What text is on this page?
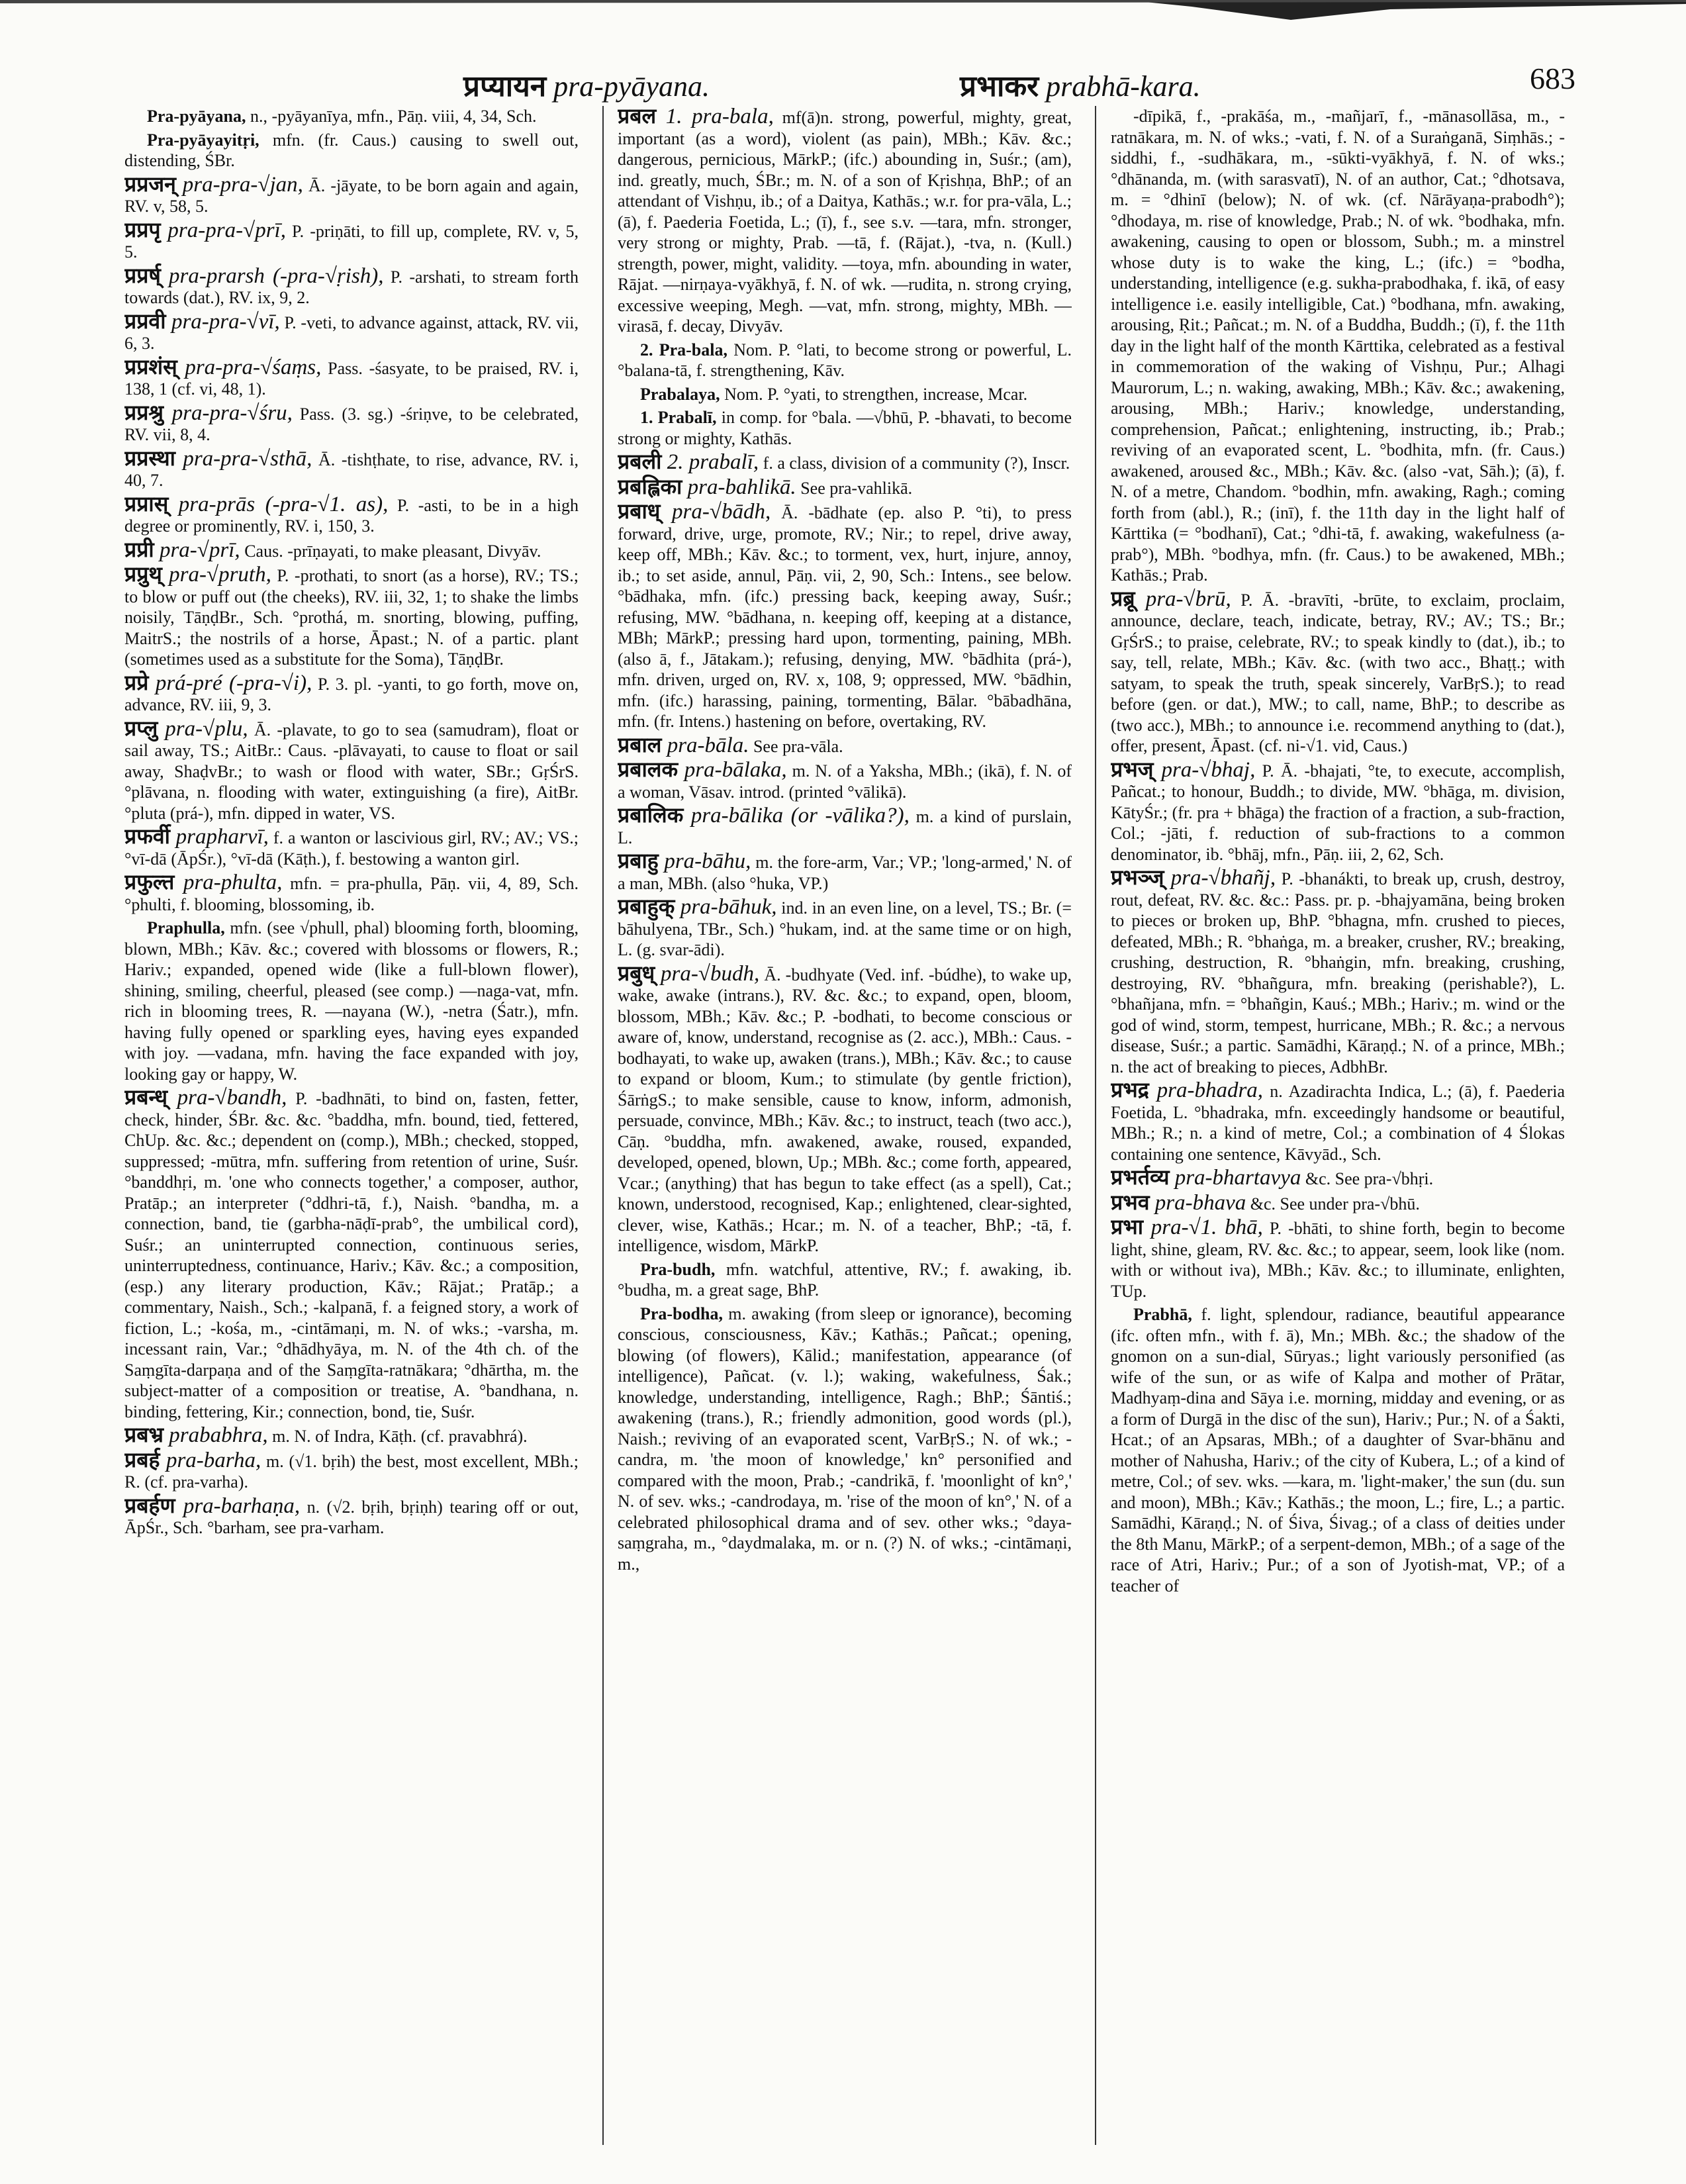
प्रप्यायन pra-pyāyana.	प्रभाकर prabhā-kara.	683

Pra-pyāyana, n., -pyāyanīya, mfn., Pāṇ. viii, 4, 34, Sch.

Pra-pyāyayitṛi, mfn. (fr. Caus.) causing to swell out, distending, ŚBr.

प्रप्रजन् pra-pra-√jan, Ā. -jāyate, to be born again and again, RV. v, 58, 5.

प्रप्रपृ pra-pra-√prī, P. -priṇāti, to fill up, complete, RV. v, 5, 5.

प्रप्रर्ष् pra-prarsh (-pra-√ṛish), P. -arshati, to stream forth towards (dat.), RV. ix, 9, 2.

प्रप्रवी pra-pra-√vī, P. -veti, to advance against, attack, RV. vii, 6, 3.

प्रप्रशंस् pra-pra-√śaṃs, Pass. -śasyate, to be praised, RV. i, 138, 1 (cf. vi, 48, 1).

प्रप्रश्रु pra-pra-√śru, Pass. (3. sg.) -śriṇve, to be celebrated, RV. vii, 8, 4.

प्रप्रस्था pra-pra-√sthā, Ā. -tishṭhate, to rise, advance, RV. i, 40, 7.

प्रप्रास् pra-prās (-pra-√1. as), P. -asti, to be in a high degree or prominently, RV. i, 150, 3.

प्रप्री pra-√prī, Caus. -prīṇayati, to make pleasant, Divyāv.

प्रप्रुथ् pra-√pruth, P. -prothati, to snort (as a horse), RV.; TS.; to blow or puff out (the cheeks), RV. iii, 32, 1; to shake the limbs noisily, TāṇḍBr., Sch. °prothá, m. snorting, blowing, puffing, MaitrS.; the nostrils of a horse, Āpast.; N. of a partic. plant (sometimes used as a substitute for the Soma), TāṇḍBr.

प्रप्रे prá-pré (-pra-√i), P. 3. pl. -yanti, to go forth, move on, advance, RV. iii, 9, 3.

प्रप्लु pra-√plu, Ā. -plavate, to go to sea (samudram), float or sail away, TS.; AitBr.: Caus. -plāvayati, to cause to float or sail away, ShaḍvBr.; to wash or flood with water, SBr.; GṛŚrS. °plāvana, n. flooding with water, extinguishing (a fire), AitBr. °pluta (prá-), mfn. dipped in water, VS.

प्रफर्वी prapharvī, f. a wanton or lascivious girl, RV.; AV.; VS.; °vī-dā (ĀpŚr.), °vī-dā (Kāṭh.), f. bestowing a wanton girl.

प्रफुल्त pra-phulta, mfn. = pra-phulla, Pāṇ. vii, 4, 89, Sch. °phulti, f. blooming, blossoming, ib.

Praphulla, mfn. (see √phull, phal) blooming forth, blooming, blown, MBh.; Kāv. &c.; covered with blossoms or flowers, R.; Hariv.; expanded, opened wide (like a full-blown flower), shining, smiling, cheerful, pleased (see comp.) —naga-vat, mfn. rich in blooming trees, R. —nayana (W.), -netra (Śatr.), mfn. having fully opened or sparkling eyes, having eyes expanded with joy. —vadana, mfn. having the face expanded with joy, looking gay or happy, W.

प्रबन्ध् pra-√bandh, P. -badhnāti, to bind on, fasten, fetter, check, hinder, ŚBr. &c. &c. °baddha, mfn. bound, tied, fettered, ChUp. &c. &c.; dependent on (comp.), MBh.; checked, stopped, suppressed; -mūtra, mfn. suffering from retention of urine, Suśr. °banddhṛi, m. 'one who connects together,' a composer, author, Pratāp.; an interpreter (°ddhri-tā, f.), Naish. °bandha, m. a connection, band, tie (garbha-nāḍī-prab°, the umbilical cord), Suśr.; an uninterrupted connection, continuous series, uninterruptedness, continuance, Hariv.; Kāv. &c.; a composition, (esp.) any literary production, Kāv.; Rājat.; Pratāp.; a commentary, Naish., Sch.; -kalpanā, f. a feigned story, a work of fiction, L.; -kośa, m., -cintāmaṇi, m. N. of wks.; -varsha, m. incessant rain, Var.; °dhādhyāya, m. N. of the 4th ch. of the Saṃgīta-darpaṇa and of the Saṃgīta-ratnākara; °dhārtha, m. the subject-matter of a composition or treatise, A. °bandhana, n. binding, fettering, Kir.; connection, bond, tie, Suśr.

प्रबभ्र prababhra, m. N. of Indra, Kāṭh. (cf. pravabhrá).

प्रबर्ह pra-barha, m. (√1. bṛih) the best, most excellent, MBh.; R. (cf. pra-varha).

प्रबर्हण pra-barhaṇa, n. (√2. bṛih, bṛiṇh) tearing off or out, ĀpŚr., Sch. °barham, see pra-varham.

प्रबल 1. pra-bala, mf(ā)n. strong, powerful, mighty, great, important (as a word), violent (as pain), MBh.; Kāv. &c.; dangerous, pernicious, MārkP.; (ifc.) abounding in, Suśr.; (am), ind. greatly, much, ŚBr.; m. N. of a son of Kṛishṇa, BhP.; of an attendant of Vishṇu, ib.; of a Daitya, Kathās.; w.r. for pra-vāla, L.; (ā), f. Paederia Foetida, L.; (ī), f., see s.v. —tara, mfn. stronger, very strong or mighty, Prab. —tā, f. (Rājat.), -tva, n. (Kull.) strength, power, might, validity. —toya, mfn. abounding in water, Rājat. —nirṇaya-vyākhyā, f. N. of wk. —rudita, n. strong crying, excessive weeping, Megh. —vat, mfn. strong, mighty, MBh. —virasā, f. decay, Divyāv.

2. Pra-bala, Nom. P. °lati, to become strong or powerful, L. °balana-tā, f. strengthening, Kāv.

Prabalaya, Nom. P. °yati, to strengthen, increase, Mcar.

1. Prabalī, in comp. for °bala. —√bhū, P. -bhavati, to become strong or mighty, Kathās.

प्रबली 2. prabalī, f. a class, division of a community (?), Inscr.

प्रबह्लिका pra-bahlikā. See pra-vahlikā.

प्रबाध् pra-√bādh, Ā. -bādhate (ep. also P. °ti), to press forward, drive, urge, promote, RV.; Nir.; to repel, drive away, keep off, MBh.; Kāv. &c.; to torment, vex, hurt, injure, annoy, ib.; to set aside, annul, Pāṇ. vii, 2, 90, Sch.: Intens., see below. °bādhaka, mfn. (ifc.) pressing back, keeping away, Suśr.; refusing, MW. °bādhana, n. keeping off, keeping at a distance, MBh; MārkP.; pressing hard upon, tormenting, paining, MBh. (also ā, f., Jātakam.); refusing, denying, MW. °bādhita (prá-), mfn. driven, urged on, RV. x, 108, 9; oppressed, MW. °bādhin, mfn. (ifc.) harassing, paining, tormenting, Bālar. °bābadhāna, mfn. (fr. Intens.) hastening on before, overtaking, RV.

प्रबाल pra-bāla. See pra-vāla.

प्रबालक pra-bālaka, m. N. of a Yaksha, MBh.; (ikā), f. N. of a woman, Vāsav. introd. (printed °vālikā).

प्रबालिक pra-bālika (or -vālika?), m. a kind of purslain, L.

प्रबाहु pra-bāhu, m. the fore-arm, Var.; VP.; 'long-armed,' N. of a man, MBh. (also °huka, VP.)

प्रबाहुक् pra-bāhuk, ind. in an even line, on a level, TS.; Br. (= bāhulyena, TBr., Sch.) °hukam, ind. at the same time or on high, L. (g. svar-ādi).

प्रबुध् pra-√budh, Ā. -budhyate (Ved. inf. -búdhe), to wake up, wake, awake (intrans.), RV. &c. &c.; to expand, open, bloom, blossom, MBh.; Kāv. &c.; P. -bodhati, to become conscious or aware of, know, understand, recognise as (2. acc.), MBh.: Caus. -bodhayati, to wake up, awaken (trans.), MBh.; Kāv. &c.; to cause to expand or bloom, Kum.; to stimulate (by gentle friction), ŚārṅgS.; to make sensible, cause to know, inform, admonish, persuade, convince, MBh.; Kāv. &c.; to instruct, teach (two acc.), Cāṇ. °buddha, mfn. awakened, awake, roused, expanded, developed, opened, blown, Up.; MBh. &c.; come forth, appeared, Vcar.; (anything) that has begun to take effect (as a spell), Cat.; known, understood, recognised, Kap.; enlightened, clear-sighted, clever, wise, Kathās.; Hcar.; m. N. of a teacher, BhP.; -tā, f. intelligence, wisdom, MārkP.

Pra-budh, mfn. watchful, attentive, RV.; f. awaking, ib. °budha, m. a great sage, BhP.

Pra-bodha, m. awaking (from sleep or ignorance), becoming conscious, consciousness, Kāv.; Kathās.; Pañcat.; opening, blowing (of flowers), Kālid.; manifestation, appearance (of intelligence), Pañcat. (v. l.); waking, wakefulness, Śak.; knowledge, understanding, intelligence, Ragh.; BhP.; Śāntiś.; awakening (trans.), R.; friendly admonition, good words (pl.), Naish.; reviving of an evaporated scent, VarBṛS.; N. of wk.; -candra, m. 'the moon of knowledge,' kn° personified and compared with the moon, Prab.; -candrikā, f. 'moonlight of kn°,' N. of sev. wks.; -candrodaya, m. 'rise of the moon of kn°,' N. of a celebrated philosophical drama and of sev. other wks.; °daya-saṃgraha, m., °daydmalaka, m. or n. (?) N. of wks.; -cintāmaṇi, m.,

-dīpikā, f., -prakāśa, m., -mañjarī, f., -mānasollāsa, m., -ratnākara, m. N. of wks.; -vati, f. N. of a Suraṅganā, Siṃhās.; -siddhi, f., -sudhākara, m., -sūkti-vyākhyā, f. N. of wks.; °dhānanda, m. (with sarasvatī), N. of an author, Cat.; °dhotsava, m. = °dhinī (below); N. of wk. (cf. Nārāyaṇa-prabodh°); °dhodaya, m. rise of knowledge, Prab.; N. of wk. °bodhaka, mfn. awakening, causing to open or blossom, Subh.; m. a minstrel whose duty is to wake the king, L.; (ifc.) = °bodha, understanding, intelligence (e.g. sukha-prabodhaka, f. ikā, of easy intelligence i.e. easily intelligible, Cat.) °bodhana, mfn. awaking, arousing, Ṛit.; Pañcat.; m. N. of a Buddha, Buddh.; (ī), f. the 11th day in the light half of the month Kārttika, celebrated as a festival in commemoration of the waking of Vishṇu, Pur.; Alhagi Maurorum, L.; n. waking, awaking, MBh.; Kāv. &c.; awakening, arousing, MBh.; Hariv.; knowledge, understanding, comprehension, Pañcat.; enlightening, instructing, ib.; Prab.; reviving of an evaporated scent, L. °bodhita, mfn. (fr. Caus.) awakened, aroused &c., MBh.; Kāv. &c. (also -vat, Sāh.); (ā), f. N. of a metre, Chandom. °bodhin, mfn. awaking, Ragh.; coming forth from (abl.), R.; (inī), f. the 11th day in the light half of Kārttika (= °bodhanī), Cat.; °dhi-tā, f. awaking, wakefulness (a-prab°), MBh. °bodhya, mfn. (fr. Caus.) to be awakened, MBh.; Kathās.; Prab.

प्रब्रू pra-√brū, P. Ā. -bravīti, -brūte, to exclaim, proclaim, announce, declare, teach, indicate, betray, RV.; AV.; TS.; Br.; GṛŚrS.; to praise, celebrate, RV.; to speak kindly to (dat.), ib.; to say, tell, relate, MBh.; Kāv. &c. (with two acc., Bhaṭṭ.; with satyam, to speak the truth, speak sincerely, VarBṛS.); to read before (gen. or dat.), MW.; to call, name, BhP.; to describe as (two acc.), MBh.; to announce i.e. recommend anything to (dat.), offer, present, Āpast. (cf. ni-√1. vid, Caus.)

प्रभज् pra-√bhaj, P. Ā. -bhajati, °te, to execute, accomplish, Pañcat.; to honour, Buddh.; to divide, MW. °bhāga, m. division, KātyŚr.; (fr. pra + bhāga) the fraction of a fraction, a sub-fraction, Col.; -jāti, f. reduction of sub-fractions to a common denominator, ib. °bhāj, mfn., Pāṇ. iii, 2, 62, Sch.

प्रभञ्ज् pra-√bhañj, P. -bhanákti, to break up, crush, destroy, rout, defeat, RV. &c. &c.: Pass. pr. p. -bhajyamāna, being broken to pieces or broken up, BhP. °bhagna, mfn. crushed to pieces, defeated, MBh.; R. °bhaṅga, m. a breaker, crusher, RV.; breaking, crushing, destruction, R. °bhaṅgin, mfn. breaking, crushing, destroying, RV. °bhañgura, mfn. breaking (perishable?), L. °bhañjana, mfn. = °bhañgin, Kauś.; MBh.; Hariv.; m. wind or the god of wind, storm, tempest, hurricane, MBh.; R. &c.; a nervous disease, Suśr.; a partic. Samādhi, Kāraṇḍ.; N. of a prince, MBh.; n. the act of breaking to pieces, AdbhBr.

प्रभद्र pra-bhadra, n. Azadirachta Indica, L.; (ā), f. Paederia Foetida, L. °bhadraka, mfn. exceedingly handsome or beautiful, MBh.; R.; n. a kind of metre, Col.; a combination of 4 Ślokas containing one sentence, Kāvyād., Sch.

प्रभर्तव्य pra-bhartavya &c. See pra-√bhṛi.

प्रभव pra-bhava &c. See under pra-√bhū.

प्रभा pra-√1. bhā, P. -bhāti, to shine forth, begin to become light, shine, gleam, RV. &c. &c.; to appear, seem, look like (nom. with or without iva), MBh.; Kāv. &c.; to illuminate, enlighten, TUp.

Prabhā, f. light, splendour, radiance, beautiful appearance (ifc. often mfn., with f. ā), Mn.; MBh. &c.; the shadow of the gnomon on a sun-dial, Sūryas.; light variously personified (as wife of the sun, or as wife of Kalpa and mother of Prātar, Madhyaṃ-dina and Sāya i.e. morning, midday and evening, or as a form of Durgā in the disc of the sun), Hariv.; Pur.; N. of a Śakti, Hcat.; of an Apsaras, MBh.; of a daughter of Svar-bhānu and mother of Nahusha, Hariv.; of the city of Kubera, L.; of a kind of metre, Col.; of sev. wks. —kara, m. 'light-maker,' the sun (du. sun and moon), MBh.; Kāv.; Kathās.; the moon, L.; fire, L.; a partic. Samādhi, Kāraṇḍ.; N. of Śiva, Śivag.; of a class of deities under the 8th Manu, MārkP.; of a serpent-demon, MBh.; of a sage of the race of Atri, Hariv.; Pur.; of a son of Jyotish-mat, VP.; of a teacher of
